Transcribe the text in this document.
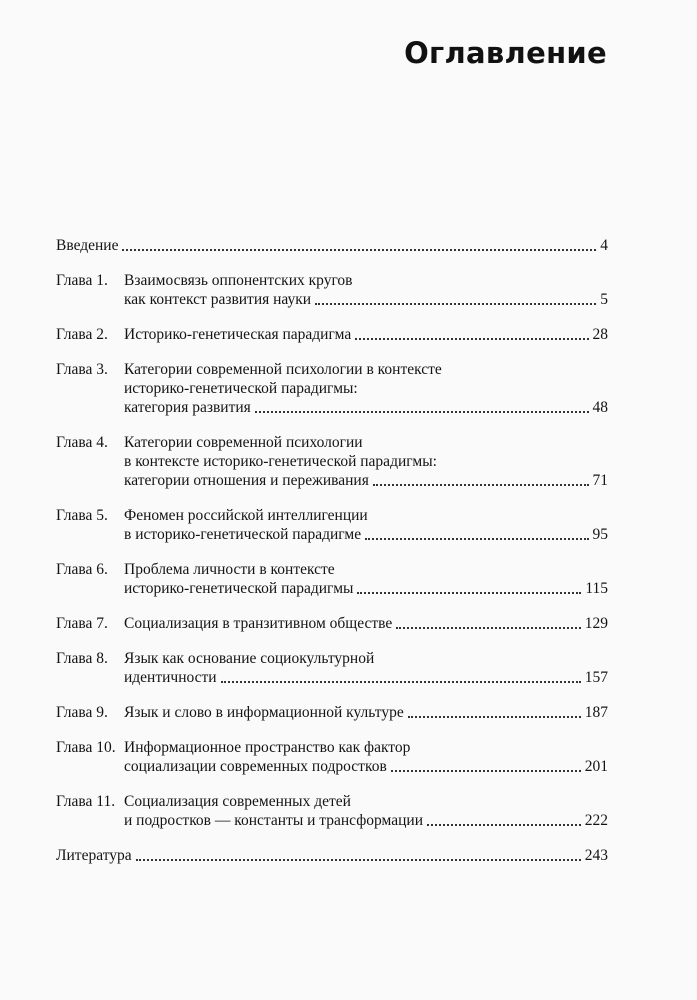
Оглавление
Введение	4
Глава 1. Взаимосвязь оппонентских кругов
как контекст развития науки	5
Глава 2. Историко-генетическая парадигма	28
Глава 3. Категории современной психологии в контексте
историко-генетической парадигмы:
категория развития	48
Глава 4. Категории современной психологии
в контексте историко-генетической парадигмы:
категории отношения и переживания	71
Глава 5. Феномен российской интеллигенции
в историко-генетической парадигме	95
Глава 6. Проблема личности в контексте
историко-генетической парадигмы	115
Глава 7. Социализация в транзитивном обществе	129
Глава 8. Язык как основание социокультурной
идентичности	157
Глава 9. Язык и слово в информационной культуре	187
Глава 10. Информационное пространство как фактор
социализации современных подростков	201
Глава 11. Социализация современных детей
и подростков — константы и трансформации	222
Литература	243
